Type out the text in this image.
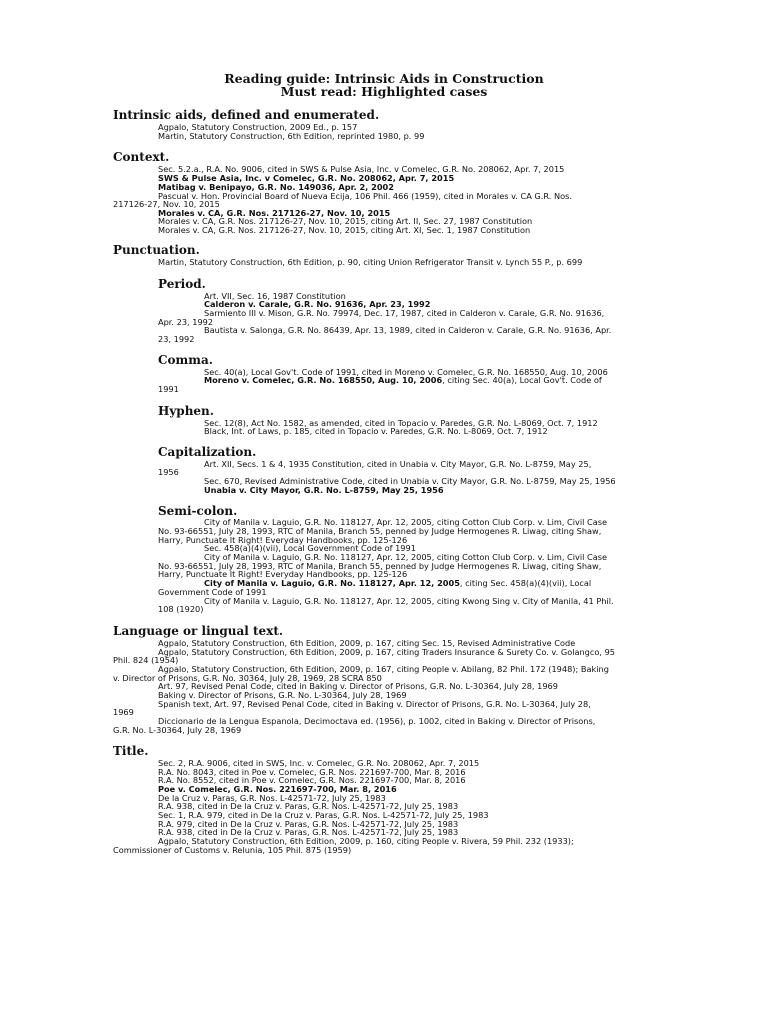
Reading guide: Intrinsic Aids in Construction
Must read: Highlighted cases
Intrinsic aids, defined and enumerated.
Agpalo, Statutory Construction, 2009 Ed., p. 157
Martin, Statutory Construction, 6th Edition, reprinted 1980, p. 99
Context.
Sec. 5.2.a., R.A. No. 9006, cited in SWS & Pulse Asia, Inc. v Comelec, G.R. No. 208062, Apr. 7, 2015
SWS & Pulse Asia, Inc. v Comelec, G.R. No. 208062, Apr. 7, 2015
Matibag v. Benipayo, G.R. No. 149036, Apr. 2, 2002
Pascual v. Hon. Provincial Board of Nueva Ecija, 106 Phil. 466 (1959), cited in Morales v. CA G.R. Nos.
217126-27, Nov. 10, 2015
Morales v. CA, G.R. Nos. 217126-27, Nov. 10, 2015
Morales v. CA, G.R. Nos. 217126-27, Nov. 10, 2015, citing Art. II, Sec. 27, 1987 Constitution
Morales v. CA, G.R. Nos. 217126-27, Nov. 10, 2015, citing Art. XI, Sec. 1, 1987 Constitution
Punctuation.
Martin, Statutory Construction, 6th Edition, p. 90, citing Union Refrigerator Transit v. Lynch 55 P., p. 699
Period.
Art. VII, Sec. 16, 1987 Constitution
Calderon v. Carale, G.R. No. 91636, Apr. 23, 1992
Sarmiento III v. Mison, G.R. No. 79974, Dec. 17, 1987, cited in Calderon v. Carale, G.R. No. 91636,
Apr. 23, 1992
Bautista v. Salonga, G.R. No. 86439, Apr. 13, 1989, cited in Calderon v. Carale, G.R. No. 91636, Apr.
23, 1992
Comma.
Sec. 40(a), Local Gov't. Code of 1991, cited in Moreno v. Comelec, G.R. No. 168550, Aug. 10, 2006
Moreno v. Comelec, G.R. No. 168550, Aug. 10, 2006, citing Sec. 40(a), Local Gov't. Code of
1991
Hyphen.
Sec. 12(8), Act No. 1582, as amended, cited in Topacio v. Paredes, G.R. No. L-8069, Oct. 7, 1912
Black, Int. of Laws, p. 185, cited in Topacio v. Paredes, G.R. No. L-8069, Oct. 7, 1912
Capitalization.
Art. XII, Secs. 1 & 4, 1935 Constitution, cited in Unabia v. City Mayor, G.R. No. L-8759, May 25,
1956
Sec. 670, Revised Administrative Code, cited in Unabia v. City Mayor, G.R. No. L-8759, May 25, 1956
Unabia v. City Mayor, G.R. No. L-8759, May 25, 1956
Semi-colon.
City of Manila v. Laguio, G.R. No. 118127, Apr. 12, 2005, citing Cotton Club Corp. v. Lim, Civil Case
No. 93-66551, July 28, 1993, RTC of Manila, Branch 55, penned by Judge Hermogenes R. Liwag, citing Shaw,
Harry, Punctuate It Right! Everyday Handbooks, pp. 125-126
Sec. 458(a)(4)(vii), Local Government Code of 1991
City of Manila v. Laguio, G.R. No. 118127, Apr. 12, 2005, citing Cotton Club Corp. v. Lim, Civil Case
No. 93-66551, July 28, 1993, RTC of Manila, Branch 55, penned by Judge Hermogenes R. Liwag, citing Shaw,
Harry, Punctuate It Right! Everyday Handbooks, pp. 125-126
City of Manila v. Laguio, G.R. No. 118127, Apr. 12, 2005, citing Sec. 458(a)(4)(vii), Local
Government Code of 1991
City of Manila v. Laguio, G.R. No. 118127, Apr. 12, 2005, citing Kwong Sing v. City of Manila, 41 Phil.
108 (1920)
Language or lingual text.
Agpalo, Statutory Construction, 6th Edition, 2009, p. 167, citing Sec. 15, Revised Administrative Code
Agpalo, Statutory Construction, 6th Edition, 2009, p. 167, citing Traders Insurance & Surety Co. v. Golangco, 95
Phil. 824 (1954)
Agpalo, Statutory Construction, 6th Edition, 2009, p. 167, citing People v. Abilang, 82 Phil. 172 (1948); Baking
v. Director of Prisons, G.R. No. 30364, July 28, 1969, 28 SCRA 850
Art. 97, Revised Penal Code, cited in Baking v. Director of Prisons, G.R. No. L-30364, July 28, 1969
Baking v. Director of Prisons, G.R. No. L-30364, July 28, 1969
Spanish text, Art. 97, Revised Penal Code, cited in Baking v. Director of Prisons, G.R. No. L-30364, July 28,
1969
Diccionario de la Lengua Espanola, Decimoctava ed. (1956), p. 1002, cited in Baking v. Director of Prisons,
G.R. No. L-30364, July 28, 1969
Title.
Sec. 2, R.A. 9006, cited in SWS, Inc. v. Comelec, G.R. No. 208062, Apr. 7, 2015
R.A. No. 8043, cited in Poe v. Comelec, G.R. Nos. 221697-700, Mar. 8, 2016
R.A. No. 8552, cited in Poe v. Comelec, G.R. Nos. 221697-700, Mar. 8, 2016
Poe v. Comelec, G.R. Nos. 221697-700, Mar. 8, 2016
De la Cruz v. Paras, G.R. Nos. L-42571-72, July 25, 1983
R.A. 938, cited in De la Cruz v. Paras, G.R. Nos. L-42571-72, July 25, 1983
Sec. 1, R.A. 979, cited in De la Cruz v. Paras, G.R. Nos. L-42571-72, July 25, 1983
R.A. 979, cited in De la Cruz v. Paras, G.R. Nos. L-42571-72, July 25, 1983
R.A. 938, cited in De la Cruz v. Paras, G.R. Nos. L-42571-72, July 25, 1983
Agpalo, Statutory Construction, 6th Edition, 2009, p. 160, citing People v. Rivera, 59 Phil. 232 (1933);
Commissioner of Customs v. Relunia, 105 Phil. 875 (1959)
